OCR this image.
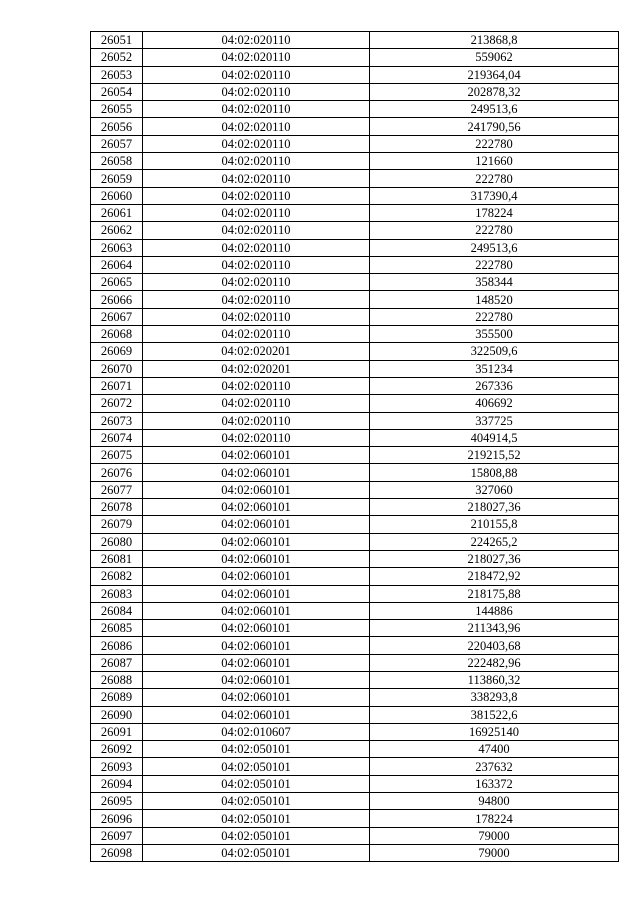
26051	04:02:020110	213868,8
26052	04:02:020110	559062
26053	04:02:020110	219364,04
26054	04:02:020110	202878,32
26055	04:02:020110	249513,6
26056	04:02:020110	241790,56
26057	04:02:020110	222780
26058	04:02:020110	121660
26059	04:02:020110	222780
26060	04:02:020110	317390,4
26061	04:02:020110	178224
26062	04:02:020110	222780
26063	04:02:020110	249513,6
26064	04:02:020110	222780
26065	04:02:020110	358344
26066	04:02:020110	148520
26067	04:02:020110	222780
26068	04:02:020110	355500
26069	04:02:020201	322509,6
26070	04:02:020201	351234
26071	04:02:020110	267336
26072	04:02:020110	406692
26073	04:02:020110	337725
26074	04:02:020110	404914,5
26075	04:02:060101	219215,52
26076	04:02:060101	15808,88
26077	04:02:060101	327060
26078	04:02:060101	218027,36
26079	04:02:060101	210155,8
26080	04:02:060101	224265,2
26081	04:02:060101	218027,36
26082	04:02:060101	218472,92
26083	04:02:060101	218175,88
26084	04:02:060101	144886
26085	04:02:060101	211343,96
26086	04:02:060101	220403,68
26087	04:02:060101	222482,96
26088	04:02:060101	113860,32
26089	04:02:060101	338293,8
26090	04:02:060101	381522,6
26091	04:02:010607	16925140
26092	04:02:050101	47400
26093	04:02:050101	237632
26094	04:02:050101	163372
26095	04:02:050101	94800
26096	04:02:050101	178224
26097	04:02:050101	79000
26098	04:02:050101	79000
